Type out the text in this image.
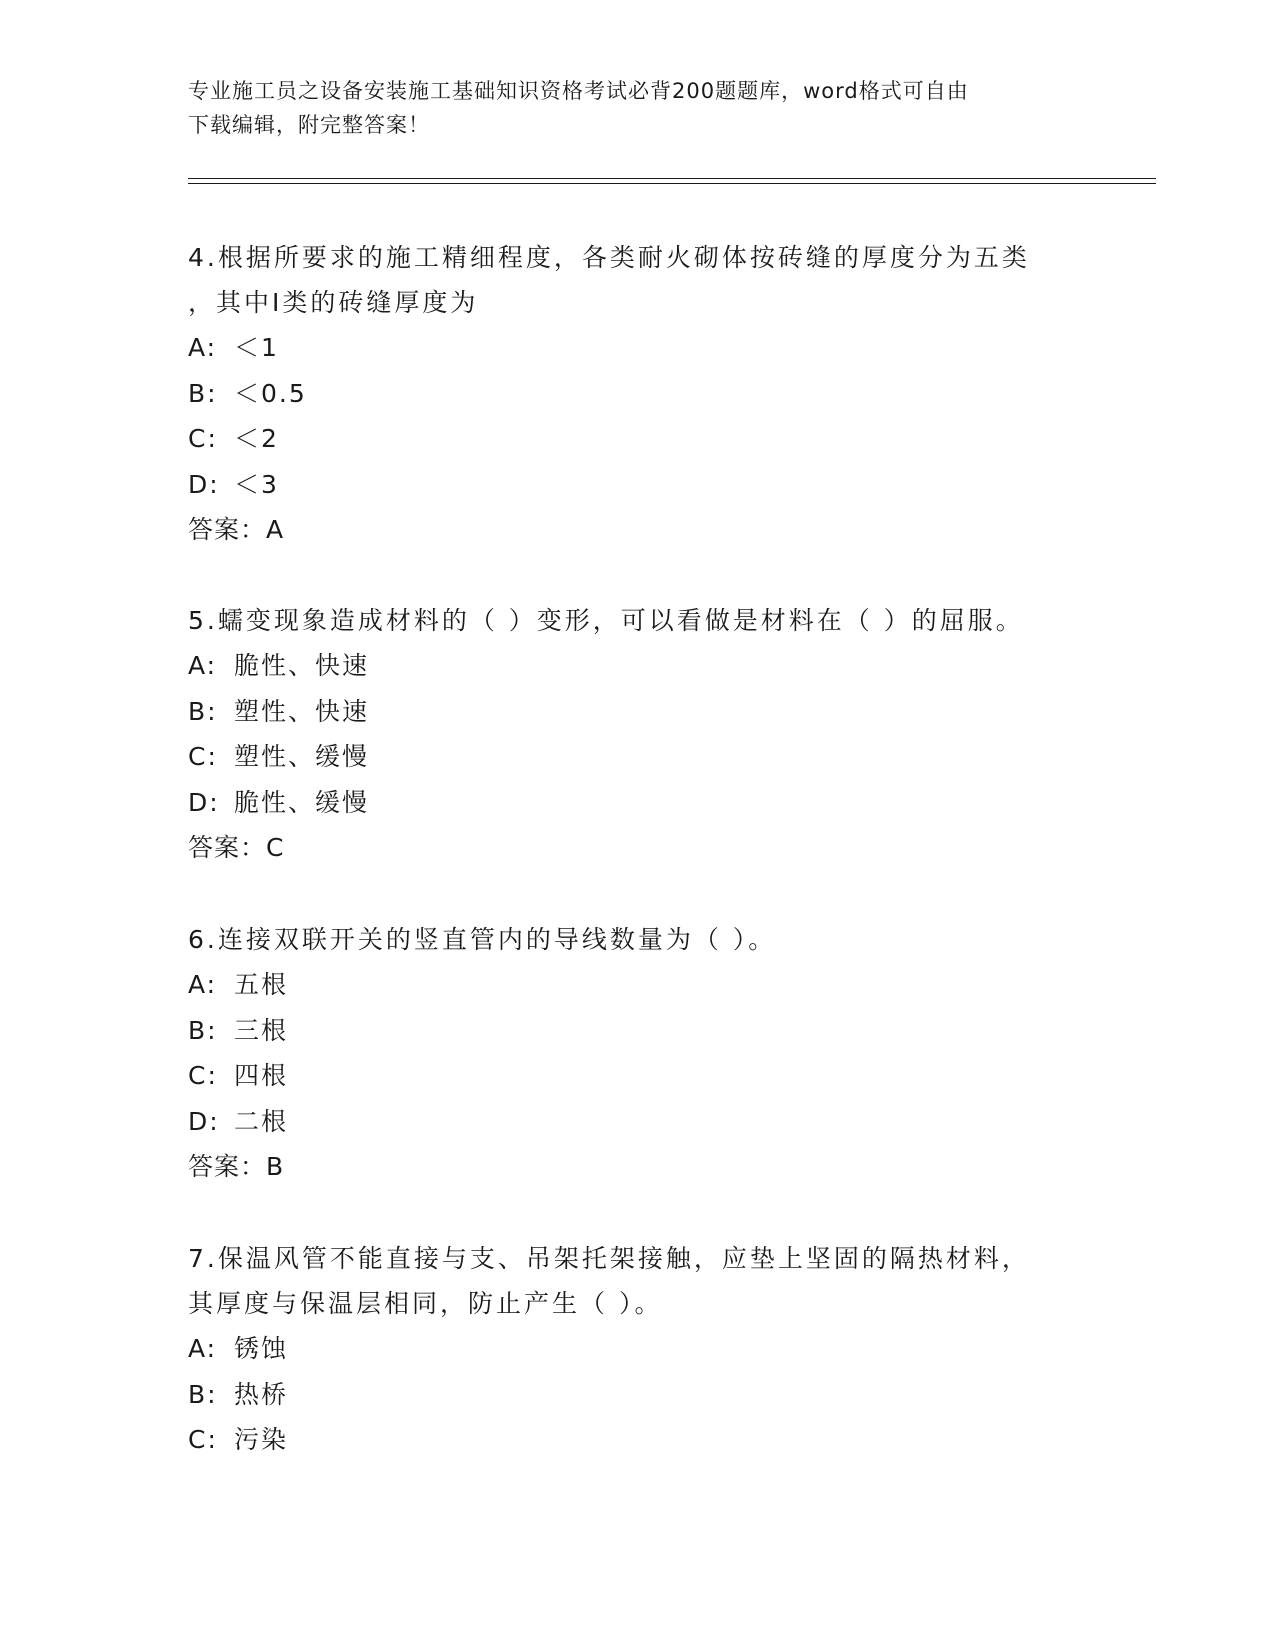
专业施工员之设备安装施工基础知识资格考试必背200题题库，word格式可自由
下载编辑，附完整答案！
4.根据所要求的施工精细程度，各类耐火砌体按砖缝的厚度分为五类
，其中Ⅰ类的砖缝厚度为
A: ＜1
B: ＜0.5
C: ＜2
D: ＜3
答案：A
5.蠕变现象造成材料的（ ）变形，可以看做是材料在（ ）的屈服。
A: 脆性、快速
B: 塑性、快速
C: 塑性、缓慢
D: 脆性、缓慢
答案：C
6.连接双联开关的竖直管内的导线数量为（ ）。
A: 五根
B: 三根
C: 四根
D: 二根
答案：B
7.保温风管不能直接与支、吊架托架接触，应垫上坚固的隔热材料，
其厚度与保温层相同，防止产生（ ）。
A: 锈蚀
B: 热桥
C: 污染
